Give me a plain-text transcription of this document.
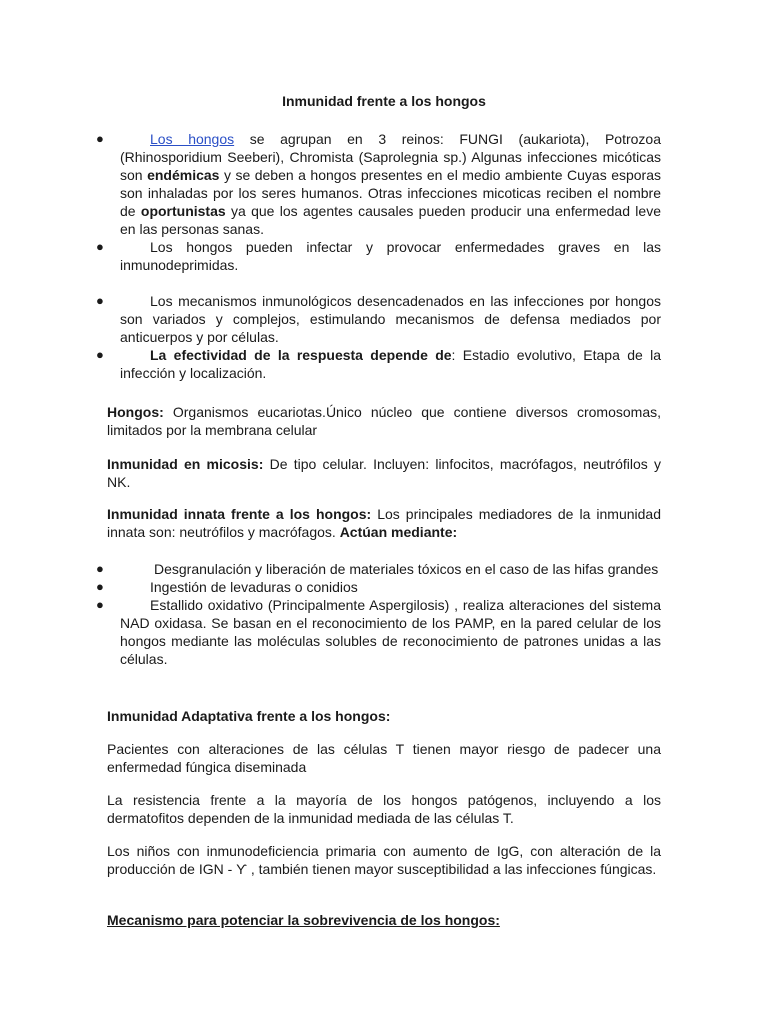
Inmunidad frente a los hongos
●	Los hongos se agrupan en 3 reinos: FUNGI (aukariota), Potrozoa (Rhinosporidium Seeberi), Chromista (Saprolegnia sp.) Algunas infecciones micóticas son endémicas y se deben a hongos presentes en el medio ambiente Cuyas esporas son inhaladas por los seres humanos. Otras infecciones micoticas reciben el nombre de oportunistas ya que los agentes causales pueden producir una enfermedad leve en las personas sanas.
●	Los hongos pueden infectar y provocar enfermedades graves en las inmunodeprimidas.
●	Los mecanismos inmunológicos desencadenados en las infecciones por hongos son variados y complejos, estimulando mecanismos de defensa mediados por anticuerpos y por células.
●	La efectividad de la respuesta depende de: Estadio evolutivo, Etapa de la infección y localización.
Hongos: Organismos eucariotas.Único núcleo que contiene diversos cromosomas, limitados por la membrana celular
Inmunidad en micosis: De tipo celular. Incluyen: linfocitos, macrófagos, neutrófilos y NK.
Inmunidad innata frente a los hongos: Los principales mediadores de la inmunidad innata son: neutrófilos y macrófagos. Actúan mediante:
●	Desgranulación y liberación de materiales tóxicos en el caso de las hifas grandes
●	Ingestión de levaduras o conidios
●	Estallido oxidativo (Principalmente Aspergilosis) , realiza alteraciones del sistema NAD oxidasa. Se basan en el reconocimiento de los PAMP, en la pared celular de los hongos mediante las moléculas solubles de reconocimiento de patrones unidas a las células.
Inmunidad Adaptativa frente a los hongos:
Pacientes con alteraciones de las células T tienen mayor riesgo de padecer una enfermedad fúngica diseminada
La resistencia frente a la mayoría de los hongos patógenos, incluyendo a los dermatofitos dependen de la inmunidad mediada de las células T.
Los niños con inmunodeficiencia primaria con aumento de IgG, con alteración de la producción de IGN - ϒ , también tienen mayor susceptibilidad a las infecciones fúngicas.
Mecanismo para potenciar la sobrevivencia de los hongos:
